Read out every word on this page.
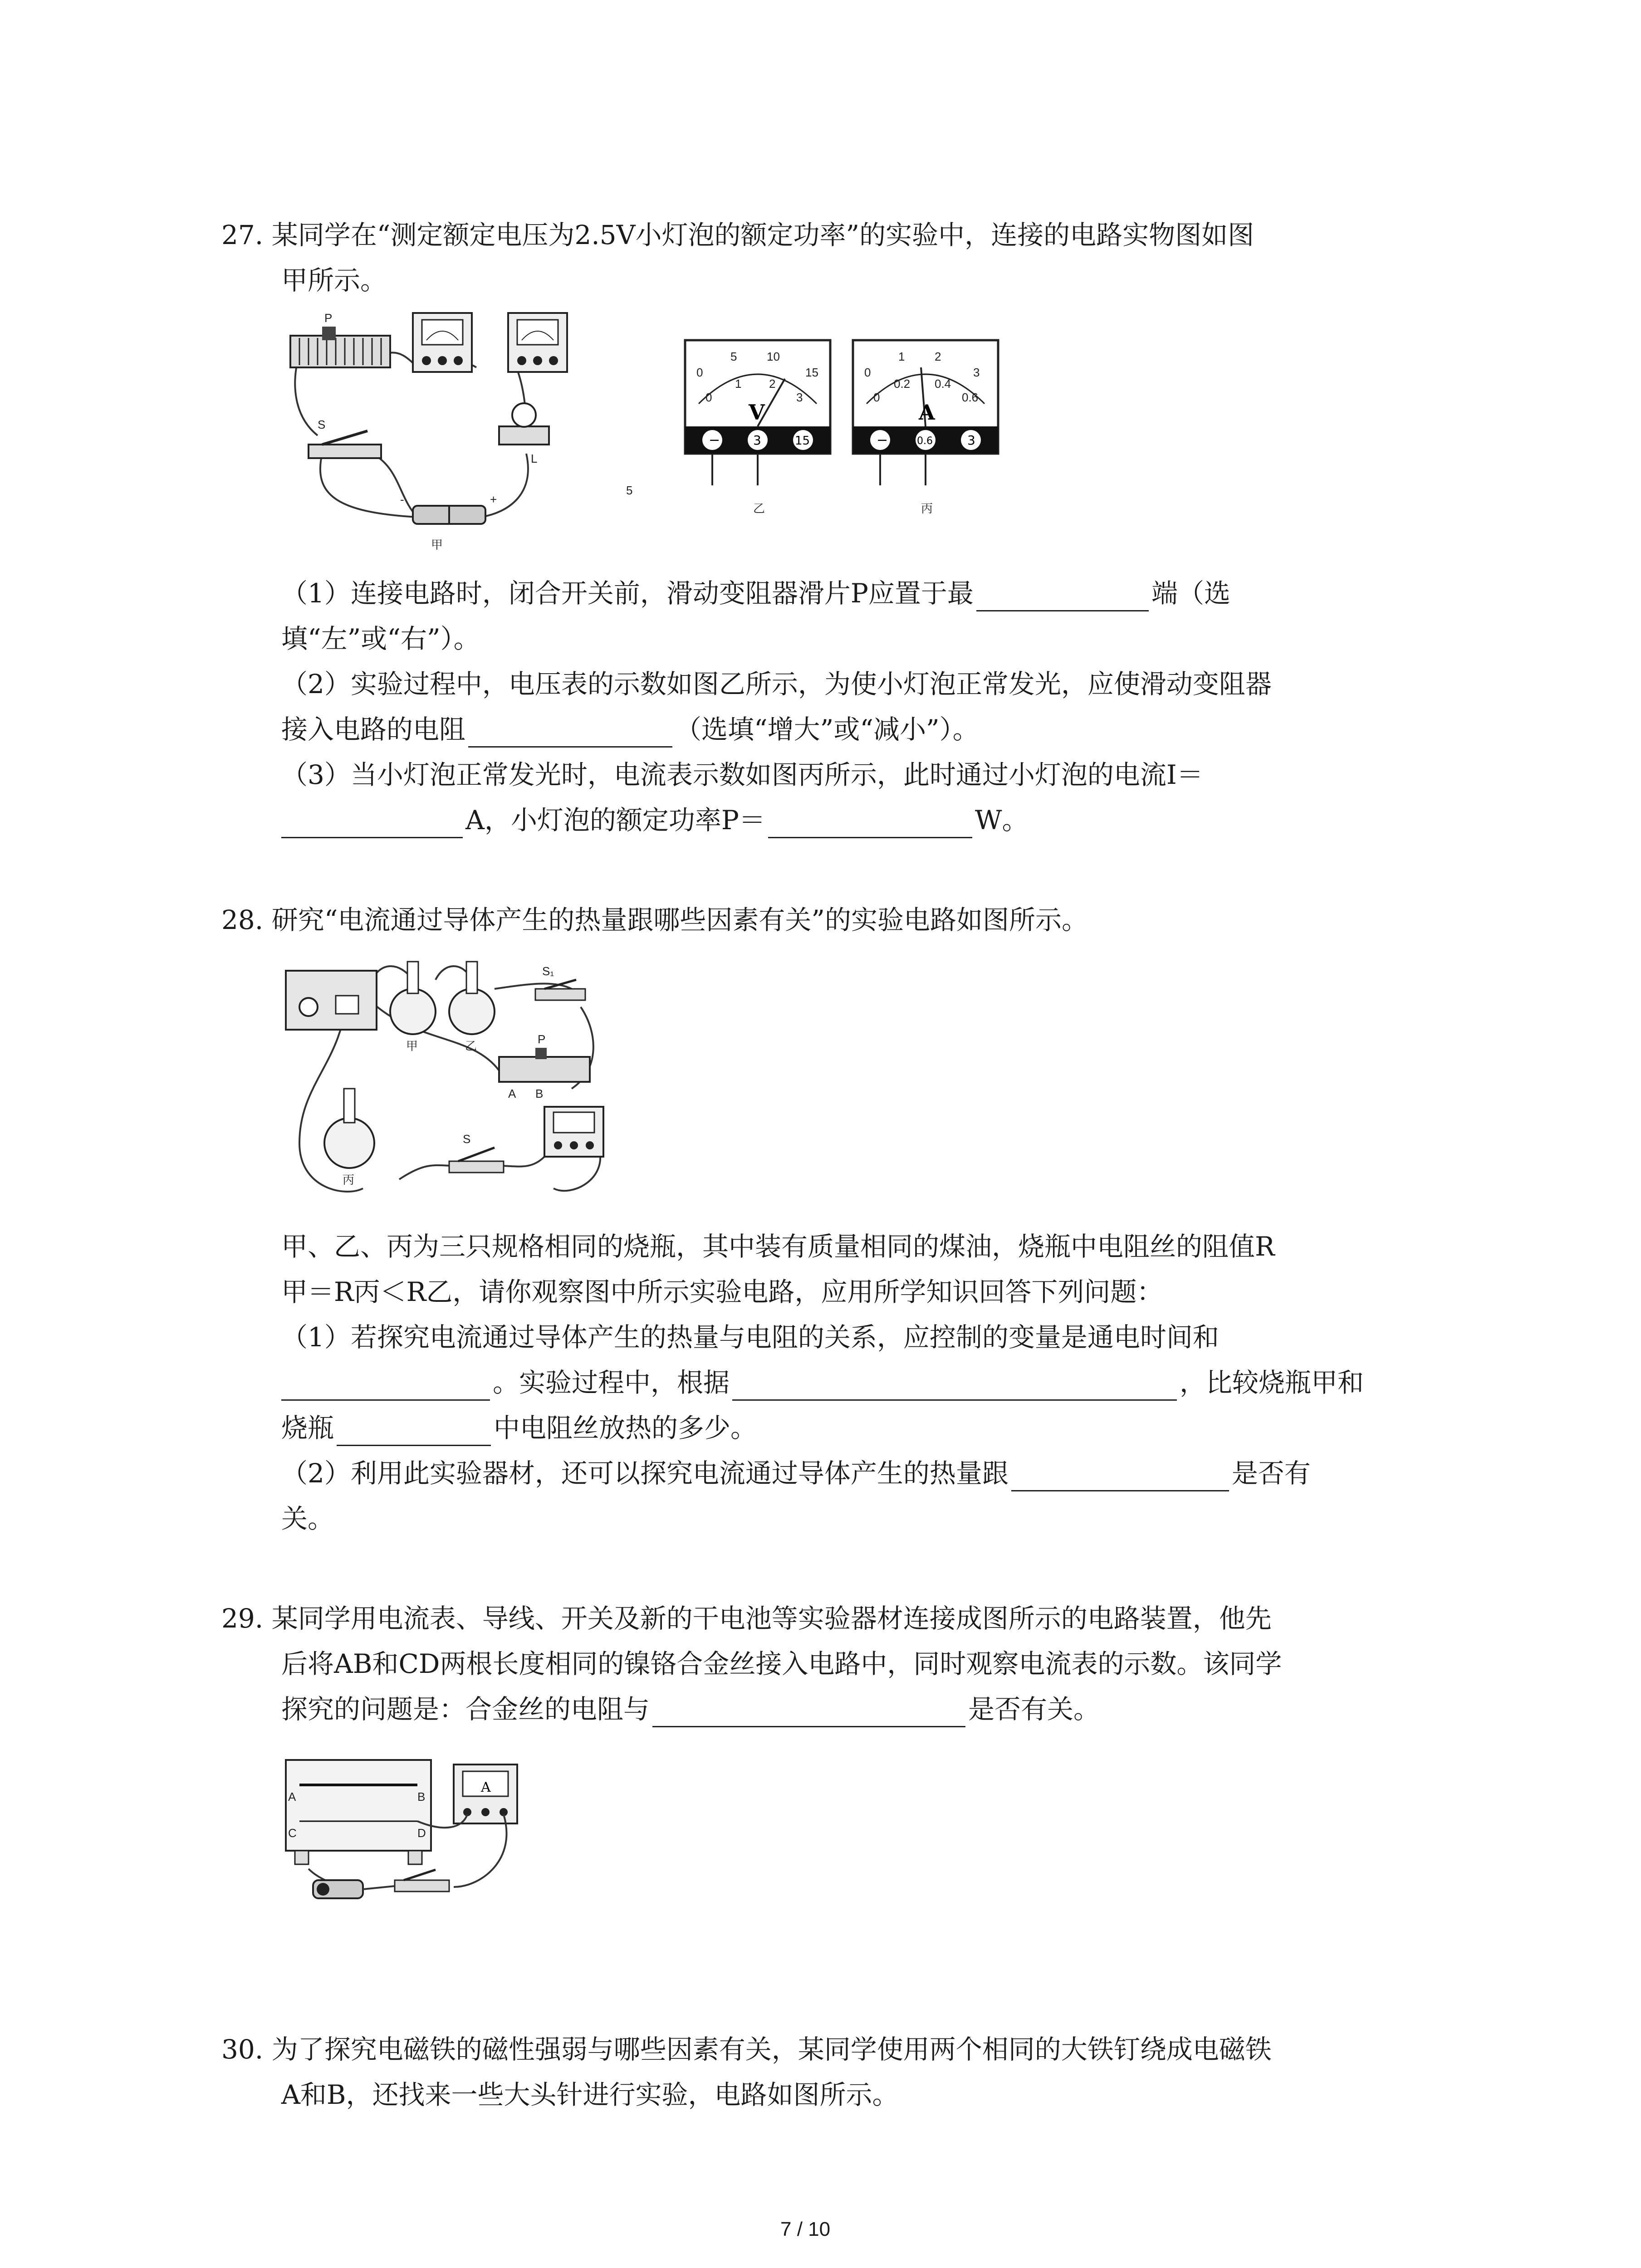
27. 某同学在“测定额定电压为2.5V小灯泡的额定功率”的实验中，连接的电路实物图如图
甲所示。
P
L
S
-	+
甲
5
0
5	10
15
0
1 2
3
V
−	3	15
乙
0
1	2
3
0
0.2 0.4
0.6
A
−	0.6	3
丙
（1）连接电路时，闭合开关前，滑动变阻器滑片P应置于最	端（选
填“左”或“右”）。
（2）实验过程中，电压表的示数如图乙所示，为使小灯泡正常发光，应使滑动变阻器
接入电路的电阻	（选填“增大”或“减小”）。
（3）当小灯泡正常发光时，电流表示数如图丙所示，此时通过小灯泡的电流I＝
A，小灯泡的额定功率P＝	W。
28. 研究“电流通过导体产生的热量跟哪些因素有关”的实验电路如图所示。
甲	乙
丙
S₁
P
A B
S
甲、乙、丙为三只规格相同的烧瓶，其中装有质量相同的煤油，烧瓶中电阻丝的阻值R
甲＝R丙＜R乙，请你观察图中所示实验电路，应用所学知识回答下列问题：
（1）若探究电流通过导体产生的热量与电阻的关系，应控制的变量是通电时间和
。实验过程中，根据	，比较烧瓶甲和
烧瓶	中电阻丝放热的多少。
（2）利用此实验器材，还可以探究电流通过导体产生的热量跟	是否有
关。
29. 某同学用电流表、导线、开关及新的干电池等实验器材连接成图所示的电路装置，他先
后将AB和CD两根长度相同的镍铬合金丝接入电路中，同时观察电流表的示数。该同学
探究的问题是：合金丝的电阻与	是否有关。
A	B
C	D
A
30. 为了探究电磁铁的磁性强弱与哪些因素有关，某同学使用两个相同的大铁钉绕成电磁铁
A和B，还找来一些大头针进行实验，电路如图所示。
7 / 10
